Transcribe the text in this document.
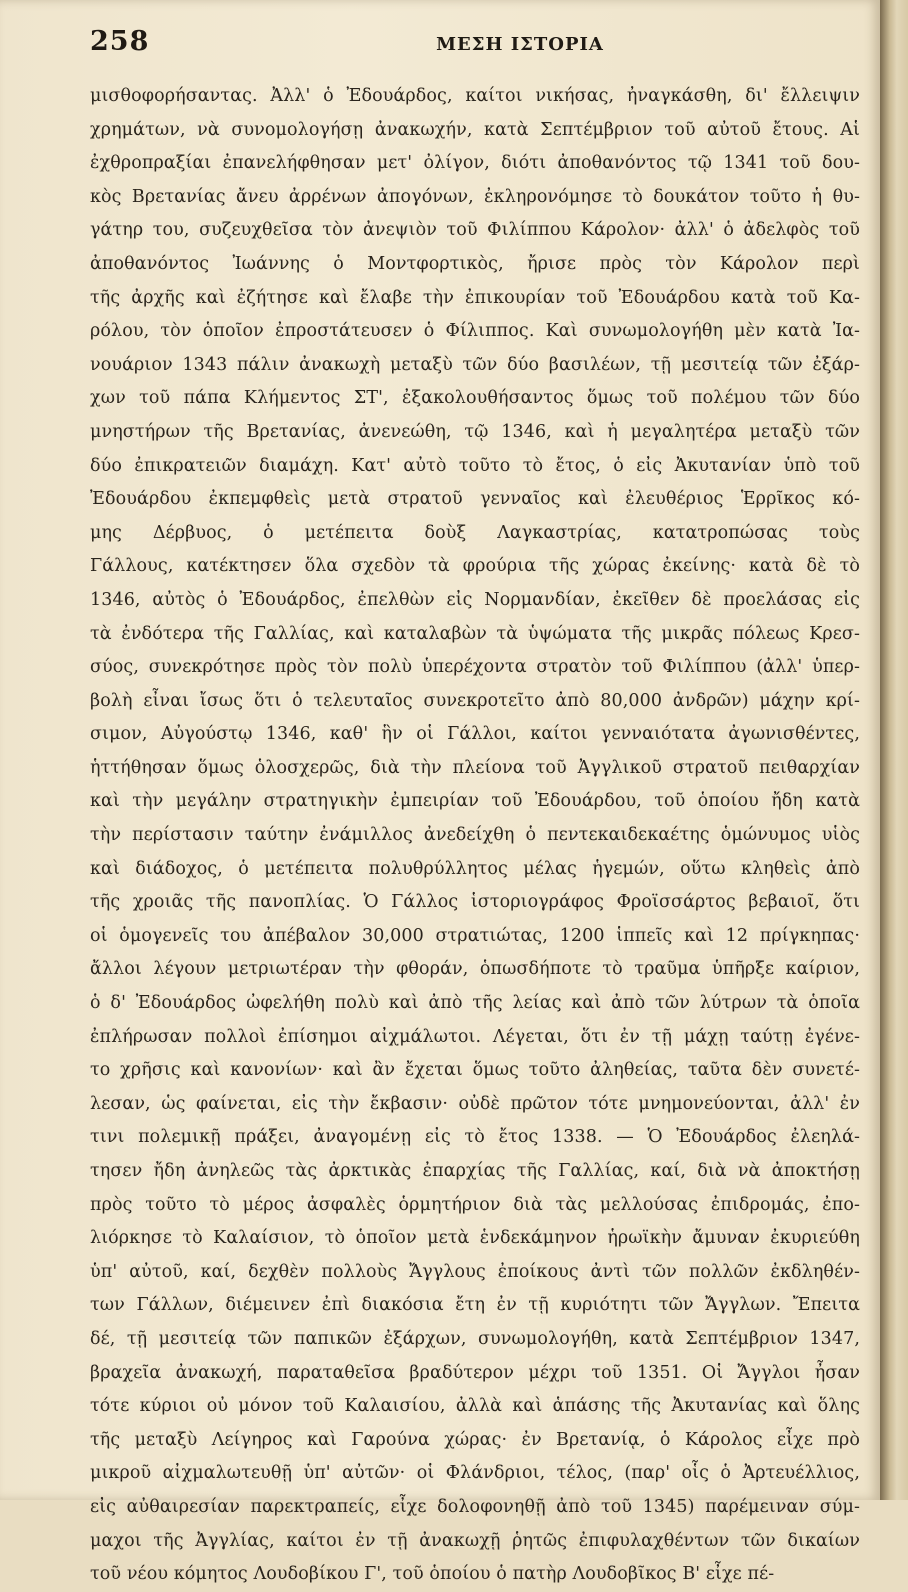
258	ΜΕΣΗ ΙΣΤΟΡΙΑ
μισθοφορήσαντας. Ἀλλ' ὁ Ἐδουάρδος, καίτοι νικήσας, ἠναγκάσθη, δι' ἔλλειψιν
χρημάτων, νὰ συνομολογήσῃ ἀνακωχήν, κατὰ Σεπτέμβριον τοῦ αὐτοῦ ἔτους. Αἱ
ἐχθροπραξίαι ἐπανελήφθησαν μετ' ὀλίγον, διότι ἀποθανόντος τῷ 1341 τοῦ δου-
κὸς Βρετανίας ἄνευ ἀρρένων ἀπογόνων, ἐκληρονόμησε τὸ δουκάτον τοῦτο ἡ θυ-
γάτηρ του, συζευχθεῖσα τὸν ἀνεψιὸν τοῦ Φιλίππου Κάρολον· ἀλλ' ὁ ἀδελφὸς τοῦ
ἀποθανόντος Ἰωάννης ὁ Μοντφορτικὸς, ἤρισε πρὸς τὸν Κάρολον περὶ
τῆς ἀρχῆς καὶ ἐζήτησε καὶ ἔλαβε τὴν ἐπικουρίαν τοῦ Ἐδουάρδου κατὰ τοῦ Κα-
ρόλου, τὸν ὁποῖον ἐπροστάτευσεν ὁ Φίλιππος. Καὶ συνωμολογήθη μὲν κατὰ Ἰα-
νουάριον 1343 πάλιν ἀνακωχὴ μεταξὺ τῶν δύο βασιλέων, τῇ μεσιτείᾳ τῶν ἐξάρ-
χων τοῦ πάπα Κλήμεντος ΣΤ', ἐξακολουθήσαντος ὅμως τοῦ πολέμου τῶν δύο
μνηστήρων τῆς Βρετανίας, ἀνενεώθη, τῷ 1346, καὶ ἡ μεγαλητέρα μεταξὺ τῶν
δύο ἐπικρατειῶν διαμάχη. Κατ' αὐτὸ τοῦτο τὸ ἔτος, ὁ εἰς Ἀκυτανίαν ὑπὸ τοῦ
Ἐδουάρδου ἐκπεμφθεὶς μετὰ στρατοῦ γενναῖος καὶ ἐλευθέριος Ἑρρῖκος κό-
μης Δέρβυος, ὁ μετέπειτα δοὺξ Λαγκαστρίας, κατατροπώσας τοὺς
Γάλλους, κατέκτησεν ὅλα σχεδὸν τὰ φρούρια τῆς χώρας ἐκείνης· κατὰ δὲ τὸ
1346, αὐτὸς ὁ Ἐδουάρδος, ἐπελθὼν εἰς Νορμανδίαν, ἐκεῖθεν δὲ προελάσας εἰς
τὰ ἐνδότερα τῆς Γαλλίας, καὶ καταλαβὼν τὰ ὑψώματα τῆς μικρᾶς πόλεως Κρεσ-
σύος, συνεκρότησε πρὸς τὸν πολὺ ὑπερέχοντα στρατὸν τοῦ Φιλίππου (ἀλλ' ὑπερ-
βολὴ εἶναι ἴσως ὅτι ὁ τελευταῖος συνεκροτεῖτο ἀπὸ 80,000 ἀνδρῶν) μάχην κρί-
σιμον, Αὐγούστῳ 1346, καθ' ἣν οἱ Γάλλοι, καίτοι γενναιότατα ἀγωνισθέντες,
ἡττήθησαν ὅμως ὁλοσχερῶς, διὰ τὴν πλείονα τοῦ Ἀγγλικοῦ στρατοῦ πειθαρχίαν
καὶ τὴν μεγάλην στρατηγικὴν ἐμπειρίαν τοῦ Ἐδουάρδου, τοῦ ὁποίου ἤδη κατὰ
τὴν περίστασιν ταύτην ἐνάμιλλος ἀνεδείχθη ὁ πεντεκαιδεκαέτης ὁμώνυμος υἱὸς
καὶ διάδοχος, ὁ μετέπειτα πολυθρύλλητος μέλας ἡγεμών, οὕτω κληθεὶς ἀπὸ
τῆς χροιᾶς τῆς πανοπλίας. Ὁ Γάλλος ἱστοριογράφος Φροϊσσάρτος βεβαιοῖ, ὅτι
οἱ ὁμογενεῖς του ἀπέβαλον 30,000 στρατιώτας, 1200 ἱππεῖς καὶ 12 πρίγκηπας·
ἄλλοι λέγουν μετριωτέραν τὴν φθοράν, ὁπωσδήποτε τὸ τραῦμα ὑπῆρξε καίριον,
ὁ δ' Ἐδουάρδος ὠφελήθη πολὺ καὶ ἀπὸ τῆς λείας καὶ ἀπὸ τῶν λύτρων τὰ ὁποῖα
ἐπλήρωσαν πολλοὶ ἐπίσημοι αἰχμάλωτοι. Λέγεται, ὅτι ἐν τῇ μάχῃ ταύτῃ ἐγένε-
το χρῆσις καὶ κανονίων· καὶ ἂν ἔχεται ὅμως τοῦτο ἀληθείας, ταῦτα δὲν συνετέ-
λεσαν, ὡς φαίνεται, εἰς τὴν ἔκβασιν· οὐδὲ πρῶτον τότε μνημονεύονται, ἀλλ' ἐν
τινι πολεμικῇ πράξει, ἀναγομένῃ εἰς τὸ ἔτος 1338. — Ὁ Ἐδουάρδος ἐλεηλά-
τησεν ἤδη ἀνηλεῶς τὰς ἀρκτικὰς ἐπαρχίας τῆς Γαλλίας, καί, διὰ νὰ ἀποκτήσῃ
πρὸς τοῦτο τὸ μέρος ἀσφαλὲς ὁρμητήριον διὰ τὰς μελλούσας ἐπιδρομάς, ἐπο-
λιόρκησε τὸ Καλαίσιον, τὸ ὁποῖον μετὰ ἑνδεκάμηνον ἡρωϊκὴν ἄμυναν ἐκυριεύθη
ὑπ' αὐτοῦ, καί, δεχθὲν πολλοὺς Ἄγγλους ἐποίκους ἀντὶ τῶν πολλῶν ἐκδληθέν-
των Γάλλων, διέμεινεν ἐπὶ διακόσια ἔτη ἐν τῇ κυριότητι τῶν Ἄγγλων. Ἔπειτα
δέ, τῇ μεσιτείᾳ τῶν παπικῶν ἐξάρχων, συνωμολογήθη, κατὰ Σεπτέμβριον 1347,
βραχεῖα ἀνακωχή, παραταθεῖσα βραδύτερον μέχρι τοῦ 1351. Οἱ Ἄγγλοι ἦσαν
τότε κύριοι οὐ μόνον τοῦ Καλαισίου, ἀλλὰ καὶ ἁπάσης τῆς Ἀκυτανίας καὶ ὅλης
τῆς μεταξὺ Λείγηρος καὶ Γαρούνα χώρας· ἐν Βρετανίᾳ, ὁ Κάρολος εἶχε πρὸ
μικροῦ αἰχμαλωτευθῇ ὑπ' αὐτῶν· οἱ Φλάνδριοι, τέλος, (παρ' οἷς ὁ Ἀρτευέλλιος,
εἰς αὐθαιρεσίαν παρεκτραπείς, εἶχε δολοφονηθῇ ἀπὸ τοῦ 1345) παρέμειναν σύμ-
μαχοι τῆς Ἀγγλίας, καίτοι ἐν τῇ ἀνακωχῇ ῥητῶς ἐπιφυλαχθέντων τῶν δικαίων
τοῦ νέου κόμητος Λουδοβίκου Γ', τοῦ ὁποίου ὁ πατὴρ Λουδοβῖκος Β' εἶχε πέ-
